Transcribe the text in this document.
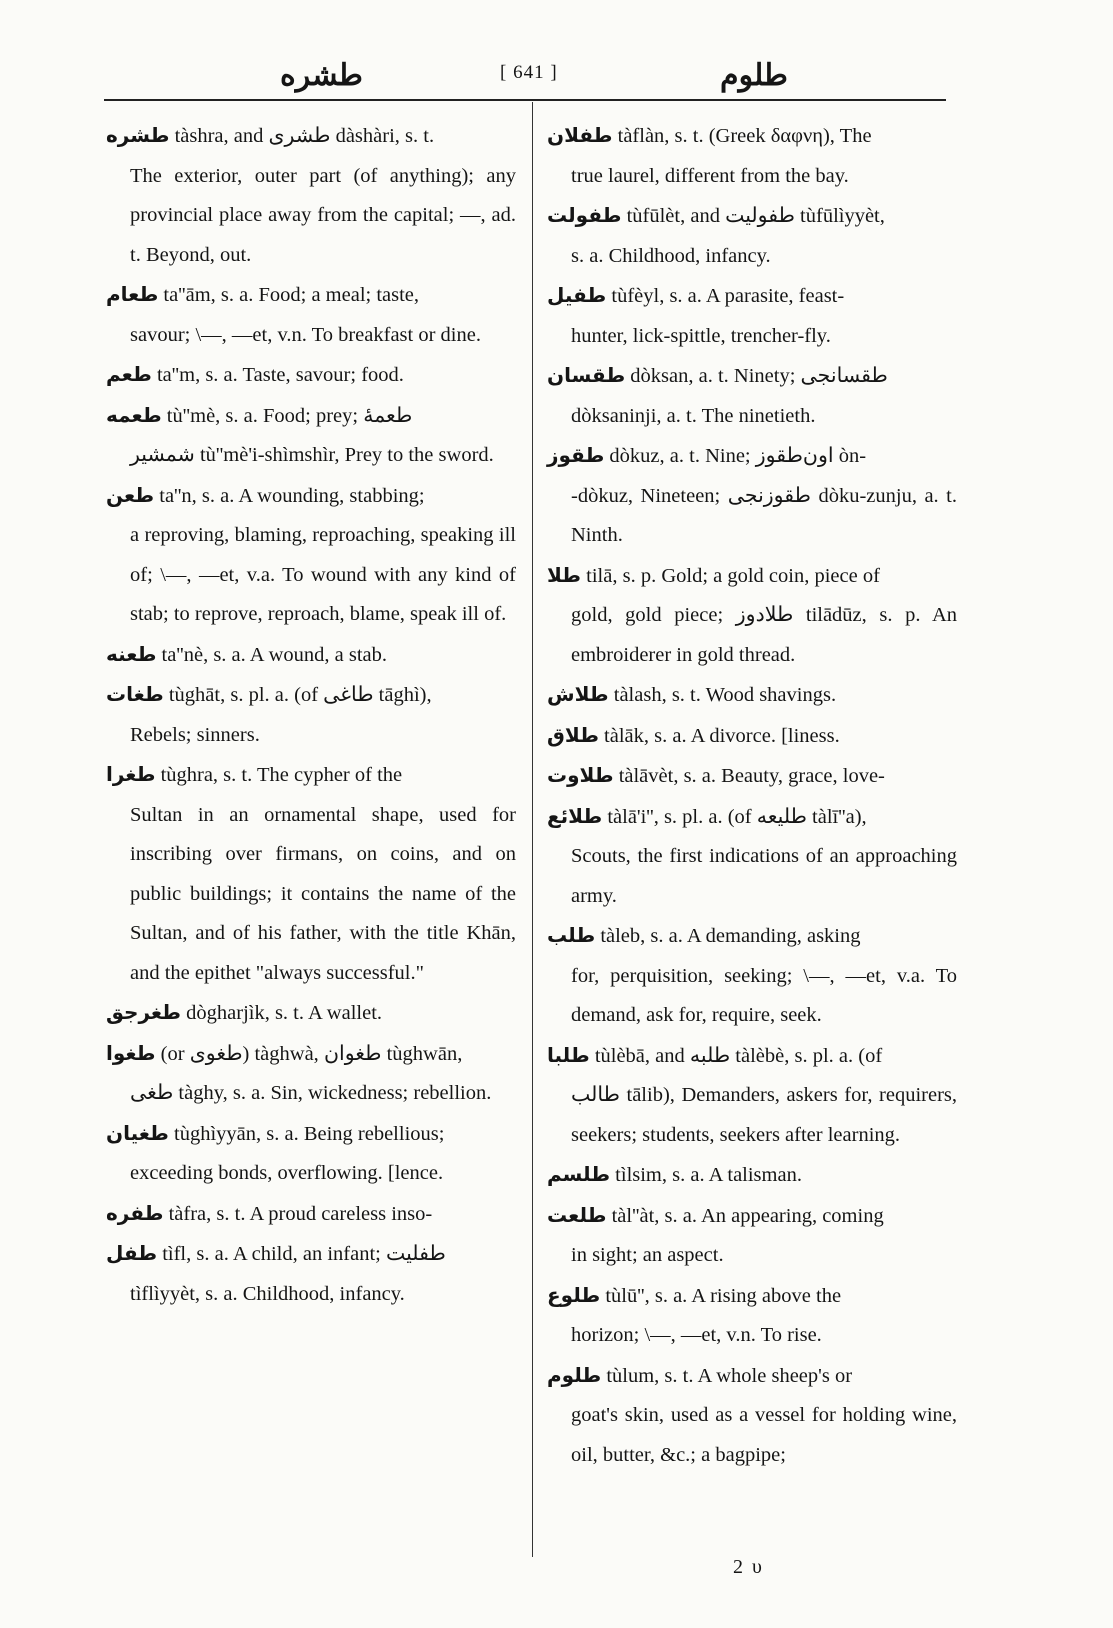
طشره	[ 641 ]	طلوم

طشره tàshra, and طشری dàshàri, s. t.
The exterior, outer part (of anything); any provincial place away from the capital; —, ad. t. Beyond, out.

طعام ta''ām, s. a. Food; a meal; taste,
savour; \—, —et, v.n. To breakfast or dine.

طعم ta''m, s. a. Taste, savour; food.

طعمه tù''mè, s. a. Food; prey; طعمهٔ
شمشیر tù''mè'i-shìmshìr, Prey to the sword.

طعن ta''n, s. a. A wounding, stabbing;
a reproving, blaming, reproaching, speaking ill of; \—, —et, v.a. To wound with any kind of stab; to reprove, reproach, blame, speak ill of.

طعنه ta''nè, s. a. A wound, a stab.

طغات tùghāt, s. pl. a. (of طاغی tāghì),
Rebels; sinners.

طغرا tùghra, s. t. The cypher of the
Sultan in an ornamental shape, used for inscribing over firmans, on coins, and on public buildings; it contains the name of the Sultan, and of his father, with the title Khān, and the epithet "always successful."

طغرجق dògharjìk, s. t. A wallet.

طغوا (or طغوی) tàghwà, طغوان tùghwān,
طغی tàghy, s. a. Sin, wickedness; rebellion.

طغیان tùghìyyān, s. a. Being rebellious;
exceeding bonds, overflowing. [lence.

طفره tàfra, s. t. A proud careless inso-

طفل tìfl, s. a. A child, an infant; طفلیت
tìflìyyèt, s. a. Childhood, infancy.

طفلان tàflàn, s. t. (Greek δαφνη), The
true laurel, different from the bay.

طفولت tùfūlèt, and طفولیت tùfūlìyyèt,
s. a. Childhood, infancy.

طفیل tùfèyl, s. a. A parasite, feast-
hunter, lick-spittle, trencher-fly.

طقسان dòksan, a. t. Ninety; طقسانجی
dòksaninji, a. t. The ninetieth.

طقوز dòkuz, a. t. Nine; اون‌طقوز òn-
-dòkuz, Nineteen; طقوزنجی dòku-zunju, a. t. Ninth.

طلا tilā, s. p. Gold; a gold coin, piece of
gold, gold piece; طلادوز tilādūz, s. p. An embroiderer in gold thread.

طلاش tàlash, s. t. Wood shavings.

طلاق tàlāk, s. a. A divorce. [liness.

طلاوت tàlāvèt, s. a. Beauty, grace, love-

طلائع tàlā'i'', s. pl. a. (of طلیعه tàlī''a),
Scouts, the first indications of an approaching army.

طلب tàleb, s. a. A demanding, asking
for, perquisition, seeking; \—, —et, v.a. To demand, ask for, require, seek.

طلبا tùlèbā, and طلبه tàlèbè, s. pl. a. (of
طالب tālib), Demanders, askers for, requirers, seekers; students, seekers after learning.

طلسم tìlsim, s. a. A talisman.

طلعت tàl''àt, s. a. An appearing, coming
in sight; an aspect.

طلوع tùlū'', s. a. A rising above the
horizon; \—, —et, v.n. To rise.

طلوم tùlum, s. t. A whole sheep's or
goat's skin, used as a vessel for holding wine, oil, butter, &c.; a bagpipe;

2 υ
